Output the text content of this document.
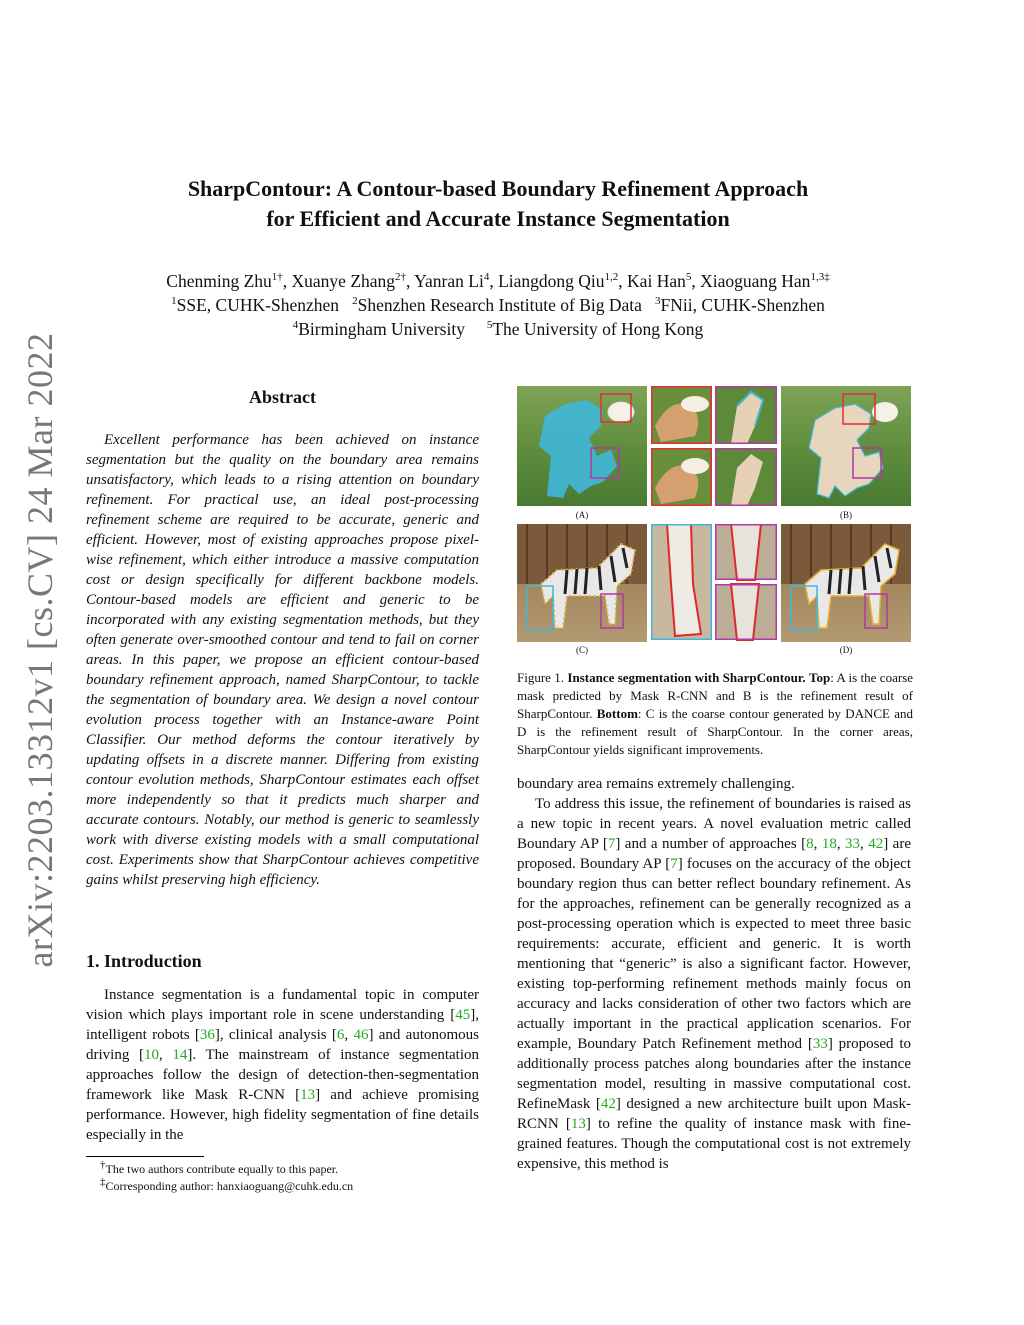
arXiv:2203.13312v1 [cs.CV] 24 Mar 2022
SharpContour: A Contour-based Boundary Refinement Approach
for Efficient and Accurate Instance Segmentation
Chenming Zhu$^{1\dagger}$, Xuanye Zhang$^{2\dagger}$, Yanran Li$^4$, Liangdong Qiu$^{1,2}$, Kai Han$^5$, Xiaoguang Han$^{1,3\ddagger}$
$^1$SSE, CUHK-Shenzhen $^2$Shenzhen Research Institute of Big Data $^3$FNii, CUHK-Shenzhen
$^4$Birmingham University $^5$The University of Hong Kong
Abstract

Excellent performance has been achieved on instance segmentation but the quality on the boundary area remains unsatisfactory, which leads to a rising attention on boundary refinement. For practical use, an ideal post-processing refinement scheme are required to be accurate, generic and efficient. However, most of existing approaches propose pixel-wise refinement, which either introduce a massive computation cost or design specifically for different backbone models. Contour-based models are efficient and generic to be incorporated with any existing segmentation methods, but they often generate over-smoothed contour and tend to fail on corner areas. In this paper, we propose an efficient contour-based boundary refinement approach, named SharpContour, to tackle the segmentation of boundary area. We design a novel contour evolution process together with an Instance-aware Point Classifier. Our method deforms the contour iteratively by updating offsets in a discrete manner. Differing from existing contour evolution methods, SharpContour estimates each offset more independently so that it predicts much sharper and accurate contours. Notably, our method is generic to seamlessly work with diverse existing models with a small computational cost. Experiments show that SharpContour achieves competitive gains whilst preserving high efficiency.

1. Introduction

Instance segmentation is a fundamental topic in computer vision which plays important role in scene understanding [45], intelligent robots [36], clinical analysis [6, 46] and autonomous driving [10, 14]. The mainstream of instance segmentation approaches follow the design of detection-then-segmentation framework like Mask R-CNN [13] and achieve promising performance. However, high fidelity segmentation of fine details especially in the

†The two authors contribute equally to this paper.
‡Corresponding author: hanxiaoguang@cuhk.edu.cn
(A)	(B)
(C)	(D)
Figure 1. Instance segmentation with SharpContour. Top: A is the coarse mask predicted by Mask R-CNN and B is the refinement result of SharpContour. Bottom: C is the coarse contour generated by DANCE and D is the refinement result of SharpContour. In the corner areas, SharpContour yields significant improvements.

boundary area remains extremely challenging.

To address this issue, the refinement of boundaries is raised as a new topic in recent years. A novel evaluation metric called Boundary AP [7] and a number of approaches [8, 18, 33, 42] are proposed. Boundary AP [7] focuses on the accuracy of the object boundary region thus can better reflect boundary refinement. As for the approaches, refinement can be generally recognized as a post-processing operation which is expected to meet three basic requirements: accurate, efficient and generic. It is worth mentioning that “generic” is also a significant factor. However, existing top-performing refinement methods mainly focus on accuracy and lacks consideration of other two factors which are actually important in the practical application scenarios. For example, Boundary Patch Refinement method [33] proposed to additionally process patches along boundaries after the instance segmentation model, resulting in massive computational cost. RefineMask [42] designed a new architecture built upon Mask-RCNN [13] to refine the quality of instance mask with fine-grained features. Though the computational cost is not extremely expensive, this method is
